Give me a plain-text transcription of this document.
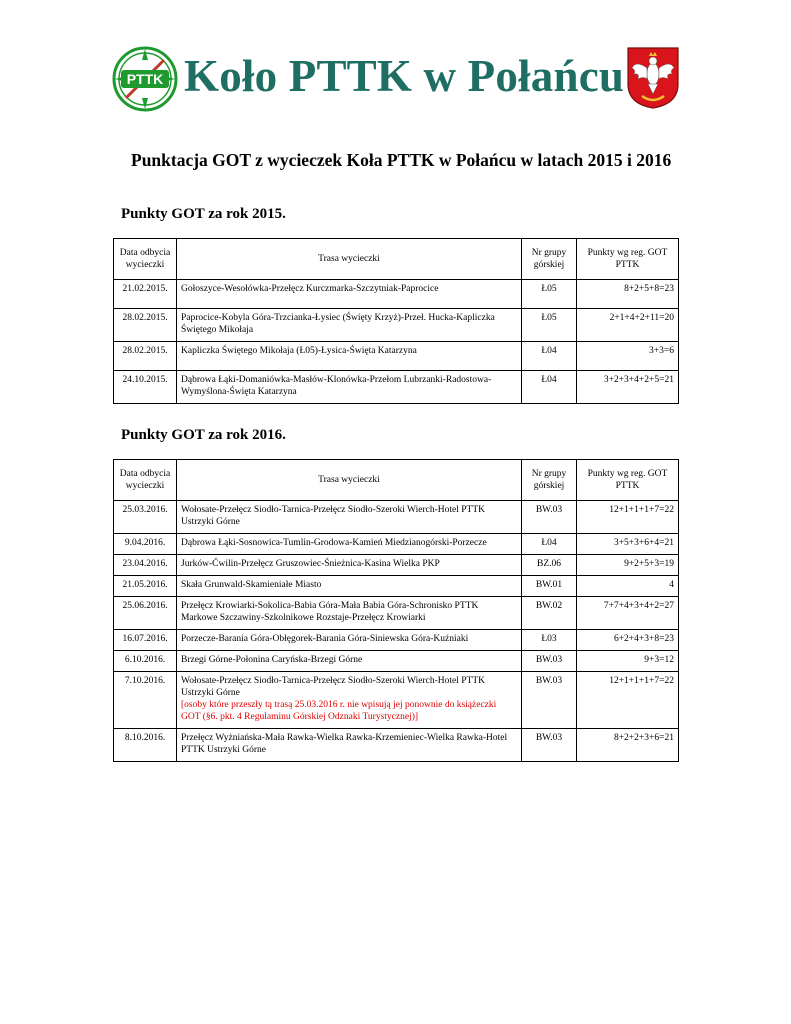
PTTK Koło PTTK w Połańcu
Punktacja GOT z wycieczek Koła PTTK w Połańcu w latach 2015 i 2016
Punkty GOT za rok 2015.
Data odbycia wycieczki	Trasa wycieczki	Nr grupy górskiej	Punkty wg reg. GOT PTTK
21.02.2015.	Gołoszyce-Wesołówka-Przełęcz Kurczmarka-Szczytniak-Paprocice	Ł05	8+2+5+8=23
28.02.2015.	Paprocice-Kobyla Góra-Trzcianka-Łysiec (Święty Krzyż)-Przeł. Hucka-Kapliczka Świętego Mikołaja	Ł05	2+1+4+2+11=20
28.02.2015.	Kapliczka Świętego Mikołaja (Ł05)-Łysica-Święta Katarzyna	Ł04	3+3=6
24.10.2015.	Dąbrowa Łąki-Domaniówka-Masłów-Klonówka-Przełom Lubrzanki-Radostowa-Wymyślona-Święta Katarzyna	Ł04	3+2+3+4+2+5=21
Punkty GOT za rok 2016.
Data odbycia wycieczki	Trasa wycieczki	Nr grupy górskiej	Punkty wg reg. GOT PTTK
25.03.2016.	Wołosate-Przełęcz Siodło-Tarnica-Przełęcz Siodło-Szeroki Wierch-Hotel PTTK Ustrzyki Górne	BW.03	12+1+1+1+7=22
9.04.2016.	Dąbrowa Łąki-Sosnowica-Tumlin-Grodowa-Kamień Miedzianogórski-Porzecze	Ł04	3+5+3+6+4=21
23.04.2016.	Jurków-Ćwilin-Przełęcz Gruszowiec-Śnieżnica-Kasina Wielka PKP	BZ.06	9+2+5+3=19
21.05.2016.	Skała Grunwald-Skamieniałe Miasto	BW.01	4
25.06.2016.	Przełęcz Krowiarki-Sokolica-Babia Góra-Mała Babia Góra-Schronisko PTTK Markowe Szczawiny-Szkolnikowe Rozstaje-Przełęcz Krowiarki	BW.02	7+7+4+3+4+2=27
16.07.2016.	Porzecze-Barania Góra-Obłęgorek-Barania Góra-Siniewska Góra-Kuźniaki	Ł03	6+2+4+3+8=23
6.10.2016.	Brzegi Górne-Połonina Caryńska-Brzegi Górne	BW.03	9+3=12
7.10.2016.	Wołosate-Przełęcz Siodło-Tarnica-Przełęcz Siodło-Szeroki Wierch-Hotel PTTK Ustrzyki Górne
[osoby które przeszły tą trasą 25.03.2016 r. nie wpisują jej ponownie do książeczki GOT (§6. pkt. 4 Regulaminu Górskiej Odznaki Turystycznej)]	BW.03	12+1+1+1+7=22
8.10.2016.	Przełęcz Wyżniańska-Mała Rawka-Wielka Rawka-Krzemieniec-Wielka Rawka-Hotel PTTK Ustrzyki Górne	BW.03	8+2+2+3+6=21
